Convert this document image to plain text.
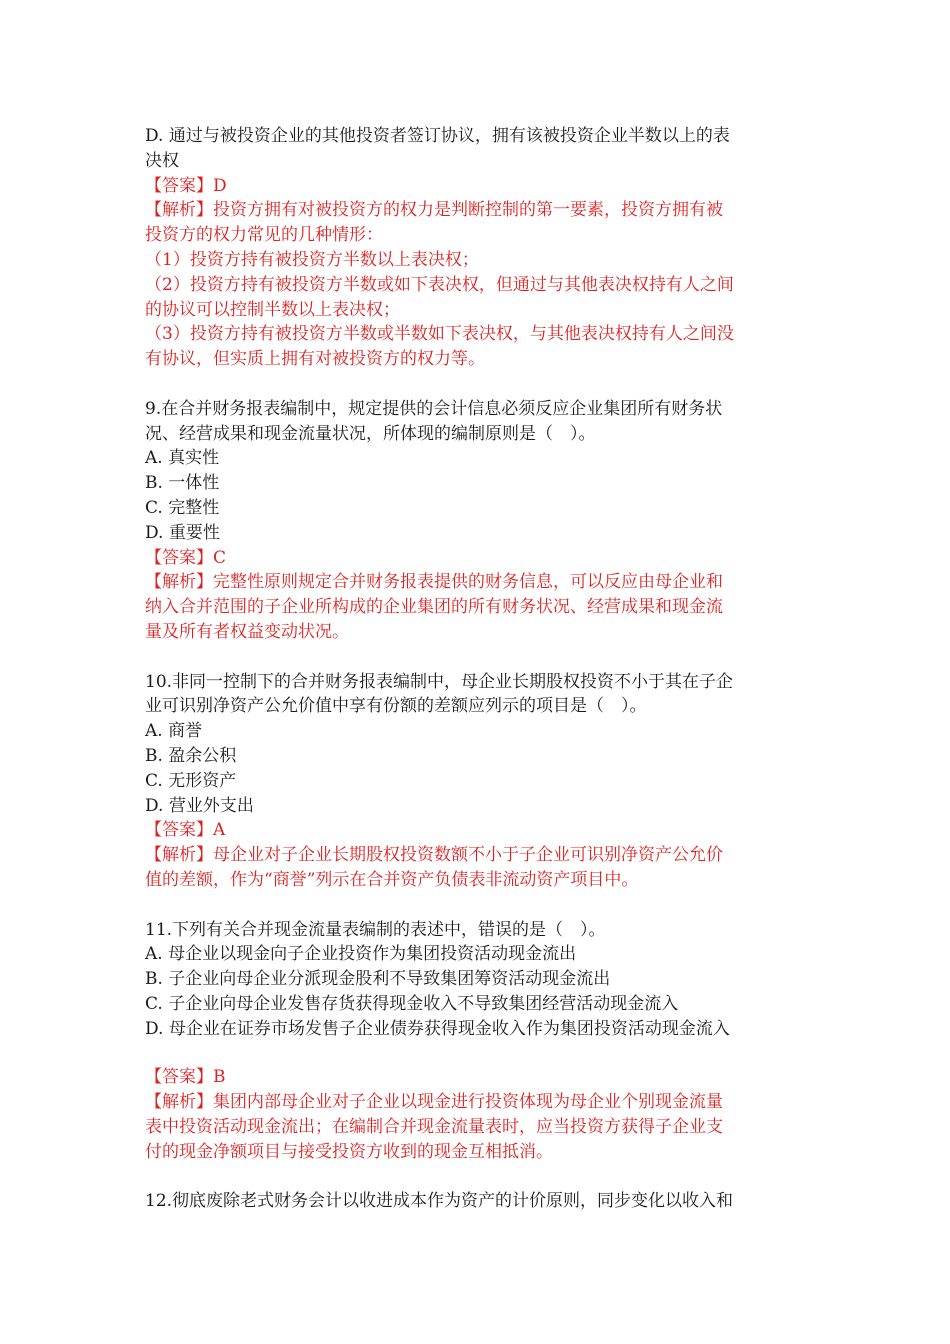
D. 通过与被投资企业的其他投资者签订协议，拥有该被投资企业半数以上的表
决权
【答案】D
【解析】投资方拥有对被投资方的权力是判断控制的第一要素，投资方拥有被
投资方的权力常见的几种情形：
（1）投资方持有被投资方半数以上表决权；
（2）投资方持有被投资方半数或如下表决权，但通过与其他表决权持有人之间
的协议可以控制半数以上表决权；
（3）投资方持有被投资方半数或半数如下表决权，与其他表决权持有人之间没
有协议，但实质上拥有对被投资方的权力等。
9.在合并财务报表编制中，规定提供的会计信息必须反应企业集团所有财务状
况、经营成果和现金流量状况，所体现的编制原则是（　）。
A. 真实性
B. 一体性
C. 完整性
D. 重要性
【答案】C
【解析】完整性原则规定合并财务报表提供的财务信息，可以反应由母企业和
纳入合并范围的子企业所构成的企业集团的所有财务状况、经营成果和现金流
量及所有者权益变动状况。
10.非同一控制下的合并财务报表编制中，母企业长期股权投资不小于其在子企
业可识别净资产公允价值中享有份额的差额应列示的项目是（　）。
A. 商誉
B. 盈余公积
C. 无形资产
D. 营业外支出
【答案】A
【解析】母企业对子企业长期股权投资数额不小于子企业可识别净资产公允价
值的差额，作为“商誉”列示在合并资产负债表非流动资产项目中。
11.下列有关合并现金流量表编制的表述中，错误的是（　）。
A. 母企业以现金向子企业投资作为集团投资活动现金流出
B. 子企业向母企业分派现金股利不导致集团筹资活动现金流出
C. 子企业向母企业发售存货获得现金收入不导致集团经营活动现金流入
D. 母企业在证券市场发售子企业债券获得现金收入作为集团投资活动现金流入
【答案】B
【解析】集团内部母企业对子企业以现金进行投资体现为母企业个别现金流量
表中投资活动现金流出；在编制合并现金流量表时，应当投资方获得子企业支
付的现金净额项目与接受投资方收到的现金互相抵消。
12.彻底废除老式财务会计以收进成本作为资产的计价原则，同步变化以收入和
